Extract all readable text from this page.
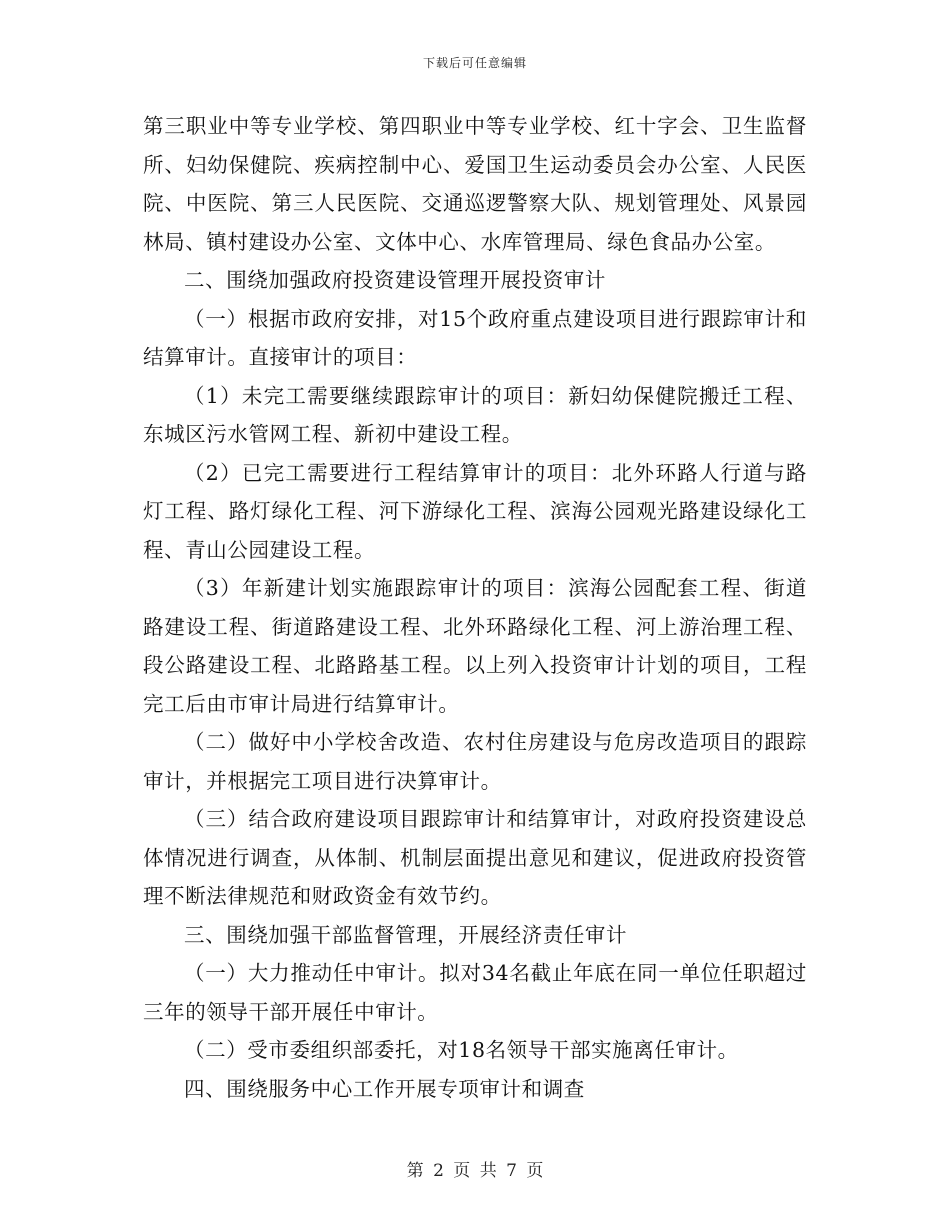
下载后可任意编辑

第三职业中等专业学校、第四职业中等专业学校、红十字会、卫生监督所、妇幼保健院、疾病控制中心、爱国卫生运动委员会办公室、人民医院、中医院、第三人民医院、交通巡逻警察大队、规划管理处、风景园林局、镇村建设办公室、文体中心、水库管理局、绿色食品办公室。

二、围绕加强政府投资建设管理开展投资审计

（一）根据市政府安排，对15个政府重点建设项目进行跟踪审计和结算审计。直接审计的项目：

（1）未完工需要继续跟踪审计的项目：新妇幼保健院搬迁工程、东城区污水管网工程、新初中建设工程。

（2）已完工需要进行工程结算审计的项目：北外环路人行道与路灯工程、路灯绿化工程、河下游绿化工程、滨海公园观光路建设绿化工程、青山公园建设工程。

（3）年新建计划实施跟踪审计的项目：滨海公园配套工程、街道路建设工程、街道路建设工程、北外环路绿化工程、河上游治理工程、段公路建设工程、北路路基工程。以上列入投资审计计划的项目，工程完工后由市审计局进行结算审计。

（二）做好中小学校舍改造、农村住房建设与危房改造项目的跟踪审计，并根据完工项目进行决算审计。

（三）结合政府建设项目跟踪审计和结算审计，对政府投资建设总体情况进行调查，从体制、机制层面提出意见和建议，促进政府投资管理不断法律规范和财政资金有效节约。

三、围绕加强干部监督管理，开展经济责任审计

（一）大力推动任中审计。拟对34名截止年底在同一单位任职超过三年的领导干部开展任中审计。

（二）受市委组织部委托，对18名领导干部实施离任审计。

四、围绕服务中心工作开展专项审计和调查

第 2 页 共 7 页
